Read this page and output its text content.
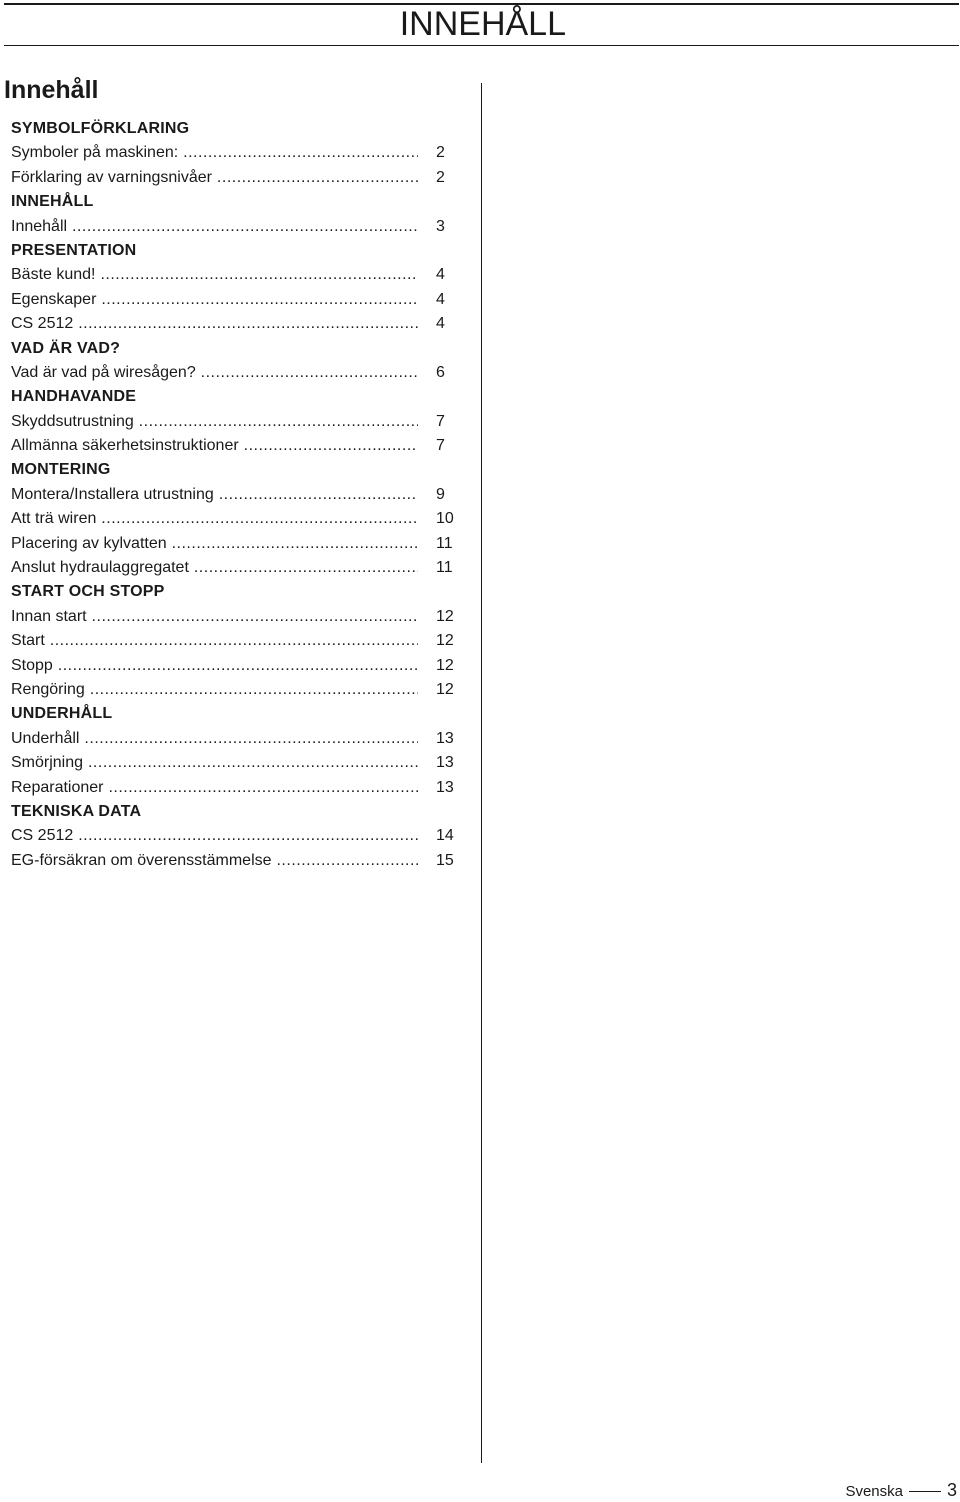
INNEHÅLL
Innehåll
SYMBOLFÖRKLARING
Symboler på maskinen: .....	2
Förklaring av varningsnivåer .....	2
INNEHÅLL
Innehåll .....	3
PRESENTATION
Bäste kund! .....	4
Egenskaper .....	4
CS 2512 .....	4
VAD ÄR VAD?
Vad är vad på wiresågen? .....	6
HANDHAVANDE
Skyddsutrustning .....	7
Allmänna säkerhetsinstruktioner .....	7
MONTERING
Montera/Installera utrustning .....	9
Att trä wiren .....	10
Placering av kylvatten .....	11
Anslut hydraulaggregatet .....	11
START OCH STOPP
Innan start .....	12
Start .....	12
Stopp .....	12
Rengöring .....	12
UNDERHÅLL
Underhåll .....	13
Smörjning .....	13
Reparationer .....	13
TEKNISKA DATA
CS 2512 .....	14
EG-försäkran om överensstämmelse .....	15
Svenska 3
